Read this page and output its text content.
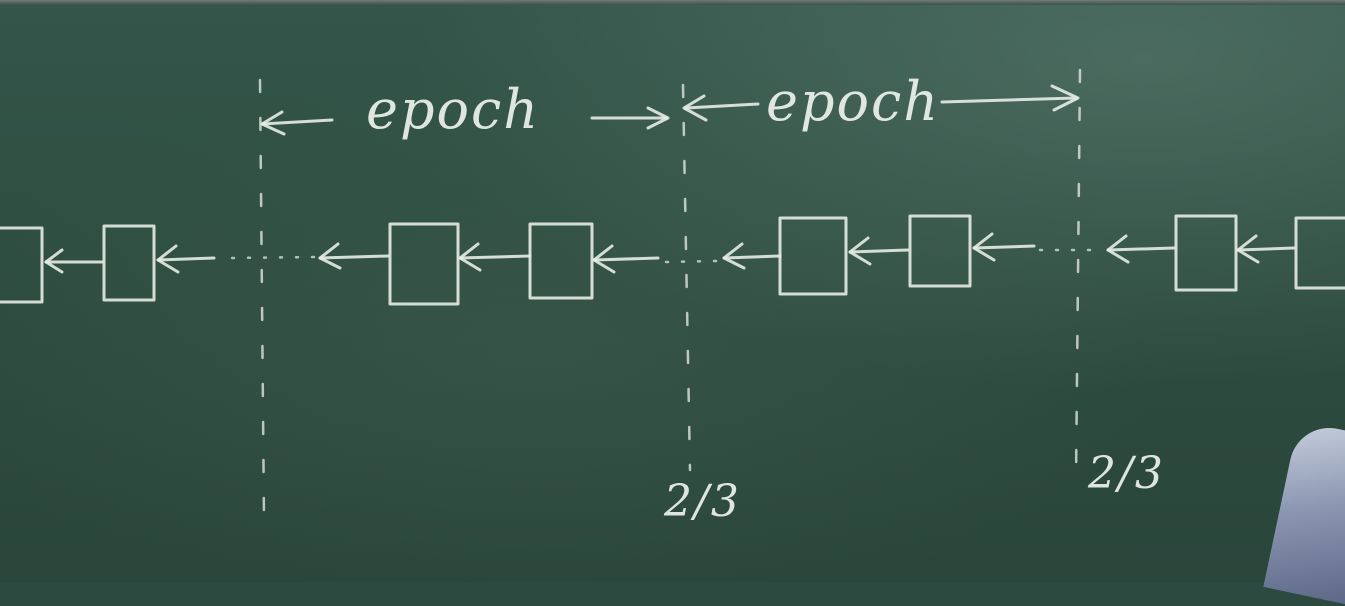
epoch	epoch
2/3
2/3
